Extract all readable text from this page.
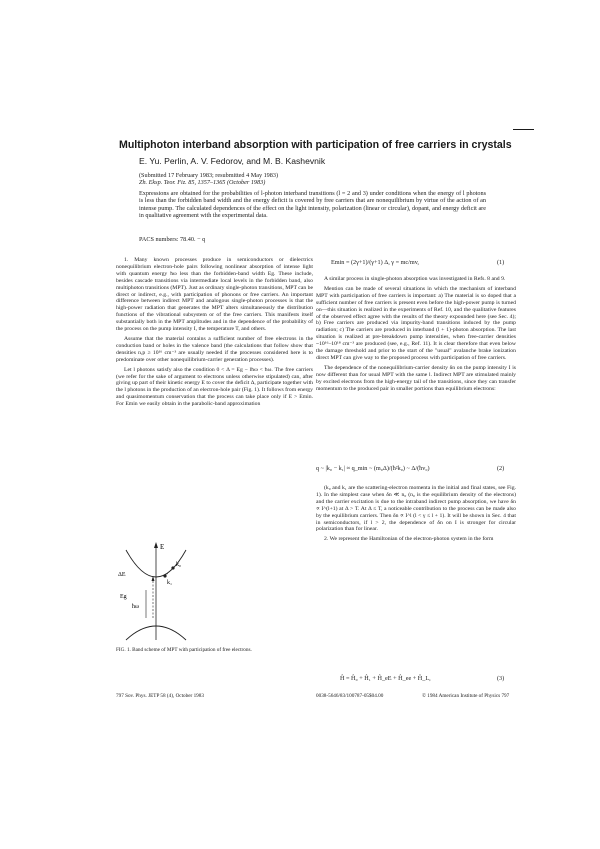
Multiphoton interband absorption with participation of free carriers in crystals
E. Yu. Perlin, A. V. Fedorov, and M. B. Kashevnik
(Submitted 17 February 1983; resubmitted 4 May 1983)
Zh. Eksp. Teor. Fiz. 85, 1357–1365 (October 1983)
Expressions are obtained for the probabilities of l-photon interband transitions (l = 2 and 3) under conditions when the energy of l photons is less than the forbidden band width and the energy deficit is covered by free carriers that are nonequilibrium by virtue of the action of an intense pump. The calculated dependences of the effect on the light intensity, polarization (linear or circular), dopant, and energy deficit are in qualitative agreement with the experimental data.
PACS numbers: 78.40. − q

1. Many known processes produce in semiconductors or dielectrics nonequilibrium electron-hole pairs following nonlinear absorption of intense light with quantum energy ħω less than the forbidden-band width Eg. These include, besides cascade transitions via intermediate local levels in the forbidden band, also multiphoton transitions (MPT). Just as ordinary single-photon transitions, MPT can be direct or indirect, e.g., with participation of phonons or free carriers. An important difference between indirect MPT and analogous single-photon processes is that the high-power radiation that generates the MPT alters simultaneously the distribution functions of the vibrational subsystem or of the free carriers. This manifests itself substantially both in the MPT amplitudes and in the dependence of the probability of the process on the pump intensity I, the temperature T, and others.

Assume that the material contains a sufficient number of free electrons in the conduction band or holes in the valence band (the calculations that follow show that densities n,p ≥ 10¹⁶ cm⁻³ are usually needed if the processes considered here is to predominate over other nonequilibrium-carrier generation processes).

Let l photons satisfy also the condition 0 < Δ = Eg − lħω < ħω. The free carriers (we refer for the sake of argument to electrons unless otherwise stipulated) can, after giving up part of their kinetic energy E to cover the deficit Δ, participate together with the l photons in the production of an electron-hole pair (Fig. 1). It follows from energy and quasimomentum conservation that the process can take place only if E > Emin. For Emin we easily obtain in the parabolic-band approximation

Emin = (2γ+1)/(γ+1) Δ, γ = mc/mv,	(1)

A similar process in single-photon absorption was investigated in Refs. 8 and 9.

Mention can be made of several situations in which the mechanism of interband MPT with participation of free carriers is important: a) The material is so doped that a sufficient number of free carriers is present even before the high-power pump is turned on—this situation is realized in the experiments of Ref. 10, and the qualitative features of the observed effect agree with the results of the theory expounded here (see Sec. 4); b) Free carriers are produced via impurity-band transitions induced by the pump radiation; c) The carriers are produced in interband (l + 1)-photon absorption. The last situation is realized at pre-breakdown pump intensities, when free-carrier densities ~10¹⁶–10¹⁸ cm⁻³ are produced (see, e.g., Ref. 11). It is clear therefore that even below the damage threshold and prior to the start of the "usual" avalanche brake ionization direct MPT can give way to the proposed process with participation of free carriers.

The dependence of the nonequilibrium-carrier density δn on the pump intensity I is now different than for usual MPT with the same l. Indirect MPT are stimulated mainly by excited electrons from the high-energy tail of the transitions, since they can transfer momentum to the produced pair in smaller portions than equilibrium electrons:

q ~ |k₀ − k₁| ≈ q_min ~ (m₀Δ)/(ħ²k₀) ~ Δ/(ħv₀)	(2)

(k₀ and k₁ are the scattering-electron momenta in the initial and final states, see Fig. 1). In the simplest case when δn ≪ n₀ (n₀ is the equilibrium density of the electrons) and the carrier excitation is due to the intraband indirect pump absorption, we have δn ∝ I^(l+1) at Δ > T. At Δ ≤ T, a noticeable contribution to the process can be made also by the equilibrium carriers. Then δn ∝ I^l (l < γ ≤ l + 1). It will be shown in Sec. 4 that in semiconductors, if l > 2, the dependence of δn on I is stronger for circular polarization than for linear.

2. We represent the Hamiltonian of the electron-photon system in the form

Ĥ = Ĥ₀ + Ĥ₁ + Ĥ_eE + Ĥ_ee + Ĥ_L,	(3)
E
Eg
ħω
ΔE
k₀
k₁
FIG. 1. Band scheme of MPT with participation of free electrons.
797 Sov. Phys. JETP 58 (4), October 1983	0038-5646/83/100787-05$04.00	© 1984 American Institute of Physics 797
